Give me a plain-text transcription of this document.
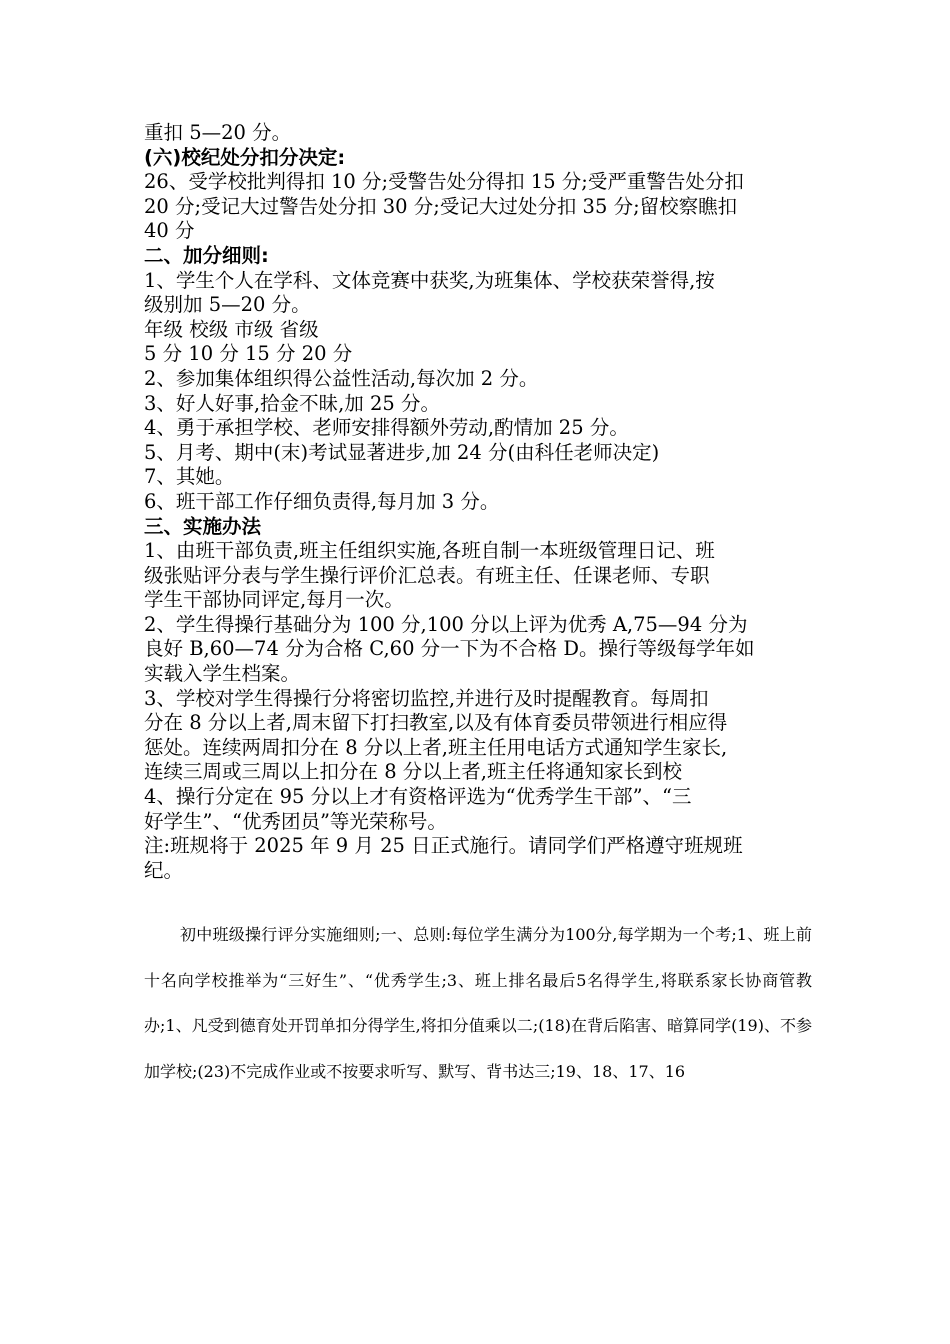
重扣 5—20 分。

(六)校纪处分扣分决定:

26、受学校批判得扣 10 分;受警告处分得扣 15 分;受严重警告处分扣

20 分;受记大过警告处分扣 30 分;受记大过处分扣 35 分;留校察瞧扣

40 分

二、加分细则:

1、学生个人在学科、文体竞赛中获奖,为班集体、学校获荣誉得,按

级别加 5—20 分。

年级 校级 市级 省级

5 分 10 分 15 分 20 分

2、参加集体组织得公益性活动,每次加 2 分。

3、好人好事,拾金不昧,加 25 分。

4、勇于承担学校、老师安排得额外劳动,酌情加 25 分。

5、月考、期中(末)考试显著进步,加 24 分(由科任老师决定)

7、其她。

6、班干部工作仔细负责得,每月加 3 分。

三、实施办法

1、由班干部负责,班主任组织实施,各班自制一本班级管理日记、班

级张贴评分表与学生操行评价汇总表。有班主任、任课老师、专职

学生干部协同评定,每月一次。

2、学生得操行基础分为 100 分,100 分以上评为优秀 A,75—94 分为

良好 B,60—74 分为合格 C,60 分一下为不合格 D。操行等级每学年如

实载入学生档案。

3、学校对学生得操行分将密切监控,并进行及时提醒教育。每周扣

分在 8 分以上者,周末留下打扫教室,以及有体育委员带领进行相应得

惩处。连续两周扣分在 8 分以上者,班主任用电话方式通知学生家长,

连续三周或三周以上扣分在 8 分以上者,班主任将通知家长到校

4、操行分定在 95 分以上才有资格评选为“优秀学生干部”、“三

好学生”、“优秀团员”等光荣称号。

注:班规将于 2025 年 9 月 25 日正式施行。请同学们严格遵守班规班

纪。

初中班级操行评分实施细则;一、总则:每位学生满分为100分,每学期为一个考;1、班上前十名向学校推举为“三好生”、“优秀学生;3、班上排名最后5名得学生,将联系家长协商管教办;1、凡受到德育处开罚单扣分得学生,将扣分值乘以二;(18)在背后陷害、暗算同学(19)、不参加学校;(23)不完成作业或不按要求听写、默写、背书达三;19、18、17、16
